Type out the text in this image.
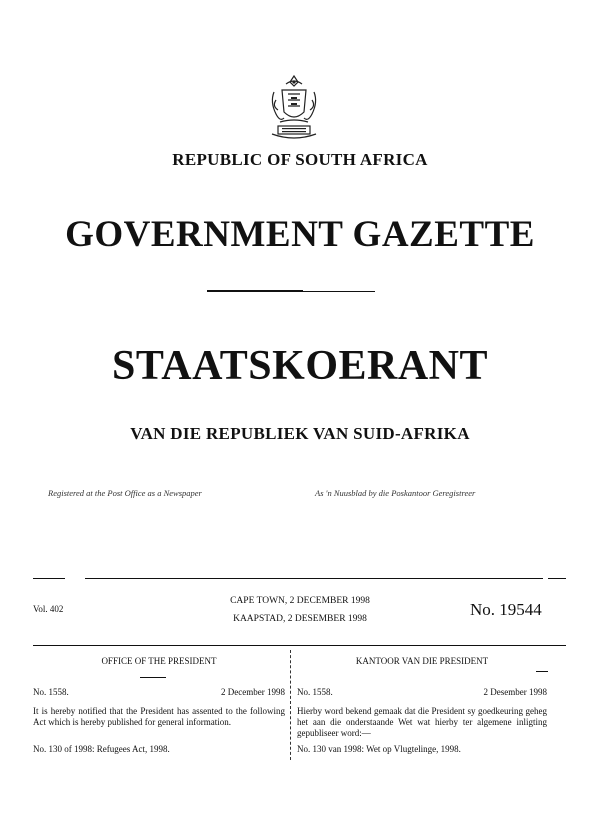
REPUBLIC OF SOUTH AFRICA
GOVERNMENT GAZETTE
STAATSKOERANT
VAN DIE REPUBLIEK VAN SUID-AFRIKA
Registered at the Post Office as a Newspaper	As 'n Nuusblad by die Poskantoor Geregistreer
Vol. 402
CAPE TOWN, 2 DECEMBER 1998
KAAPSTAD, 2 DESEMBER 1998	No. 19544
OFFICE OF THE PRESIDENT
No. 1558.	2 December 1998
It is hereby notified that the President has assented to the following Act which is hereby published for general information.
No. 130 of 1998: Refugees Act, 1998.
KANTOOR VAN DIE PRESIDENT
No. 1558.	2 Desember 1998
Hierby word bekend gemaak dat die President sy goedkeuring geheg het aan die onderstaande Wet wat hierby ter algemene inligting gepubliseer word:—
No. 130 van 1998: Wet op Vlugtelinge, 1998.
